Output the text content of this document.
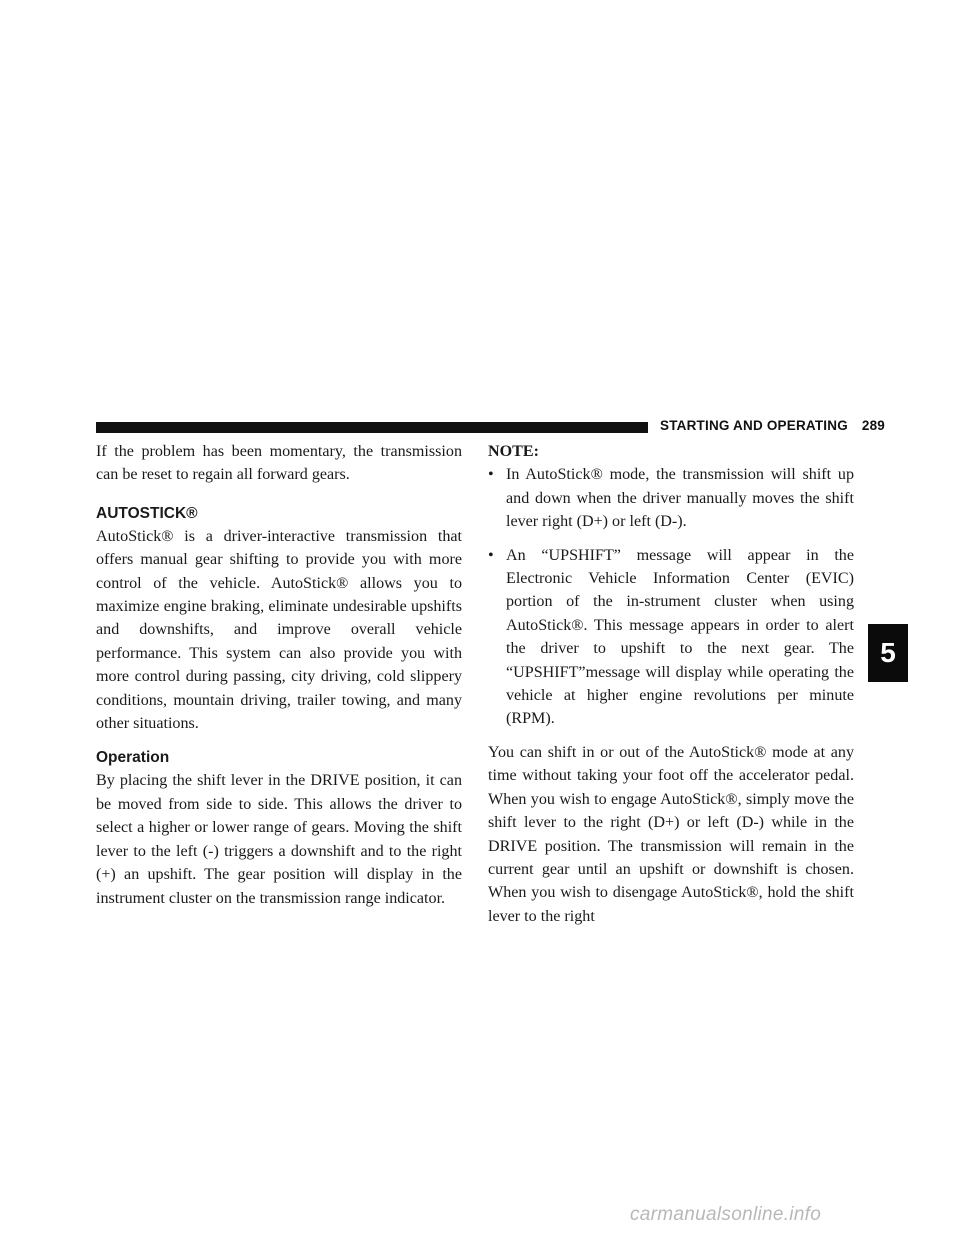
STARTING AND OPERATING 289

If the problem has been momentary, the transmission can be reset to regain all forward gears.

AUTOSTICK®

AutoStick® is a driver-interactive transmission that offers manual gear shifting to provide you with more control of the vehicle. AutoStick® allows you to maximize engine braking, eliminate undesirable upshifts and downshifts, and improve overall vehicle performance. This system can also provide you with more control during passing, city driving, cold slippery conditions, mountain driving, trailer towing, and many other situations.

Operation

By placing the shift lever in the DRIVE position, it can be moved from side to side. This allows the driver to select a higher or lower range of gears. Moving the shift lever to the left (-) triggers a downshift and to the right (+) an upshift. The gear position will display in the instrument cluster on the transmission range indicator.

NOTE:
• In AutoStick® mode, the transmission will shift up and down when the driver manually moves the shift lever right (D+) or left (D-).
• An “UPSHIFT” message will appear in the Electronic Vehicle Information Center (EVIC) portion of the in-strument cluster when using AutoStick®. This message appears in order to alert the driver to upshift to the next gear. The “UPSHIFT”message will display while operating the vehicle at higher engine revolutions per minute (RPM).

You can shift in or out of the AutoStick® mode at any time without taking your foot off the accelerator pedal. When you wish to engage AutoStick®, simply move the shift lever to the right (D+) or left (D-) while in the DRIVE position. The transmission will remain in the current gear until an upshift or downshift is chosen. When you wish to disengage AutoStick®, hold the shift lever to the right

5
carmanualsonline.info
